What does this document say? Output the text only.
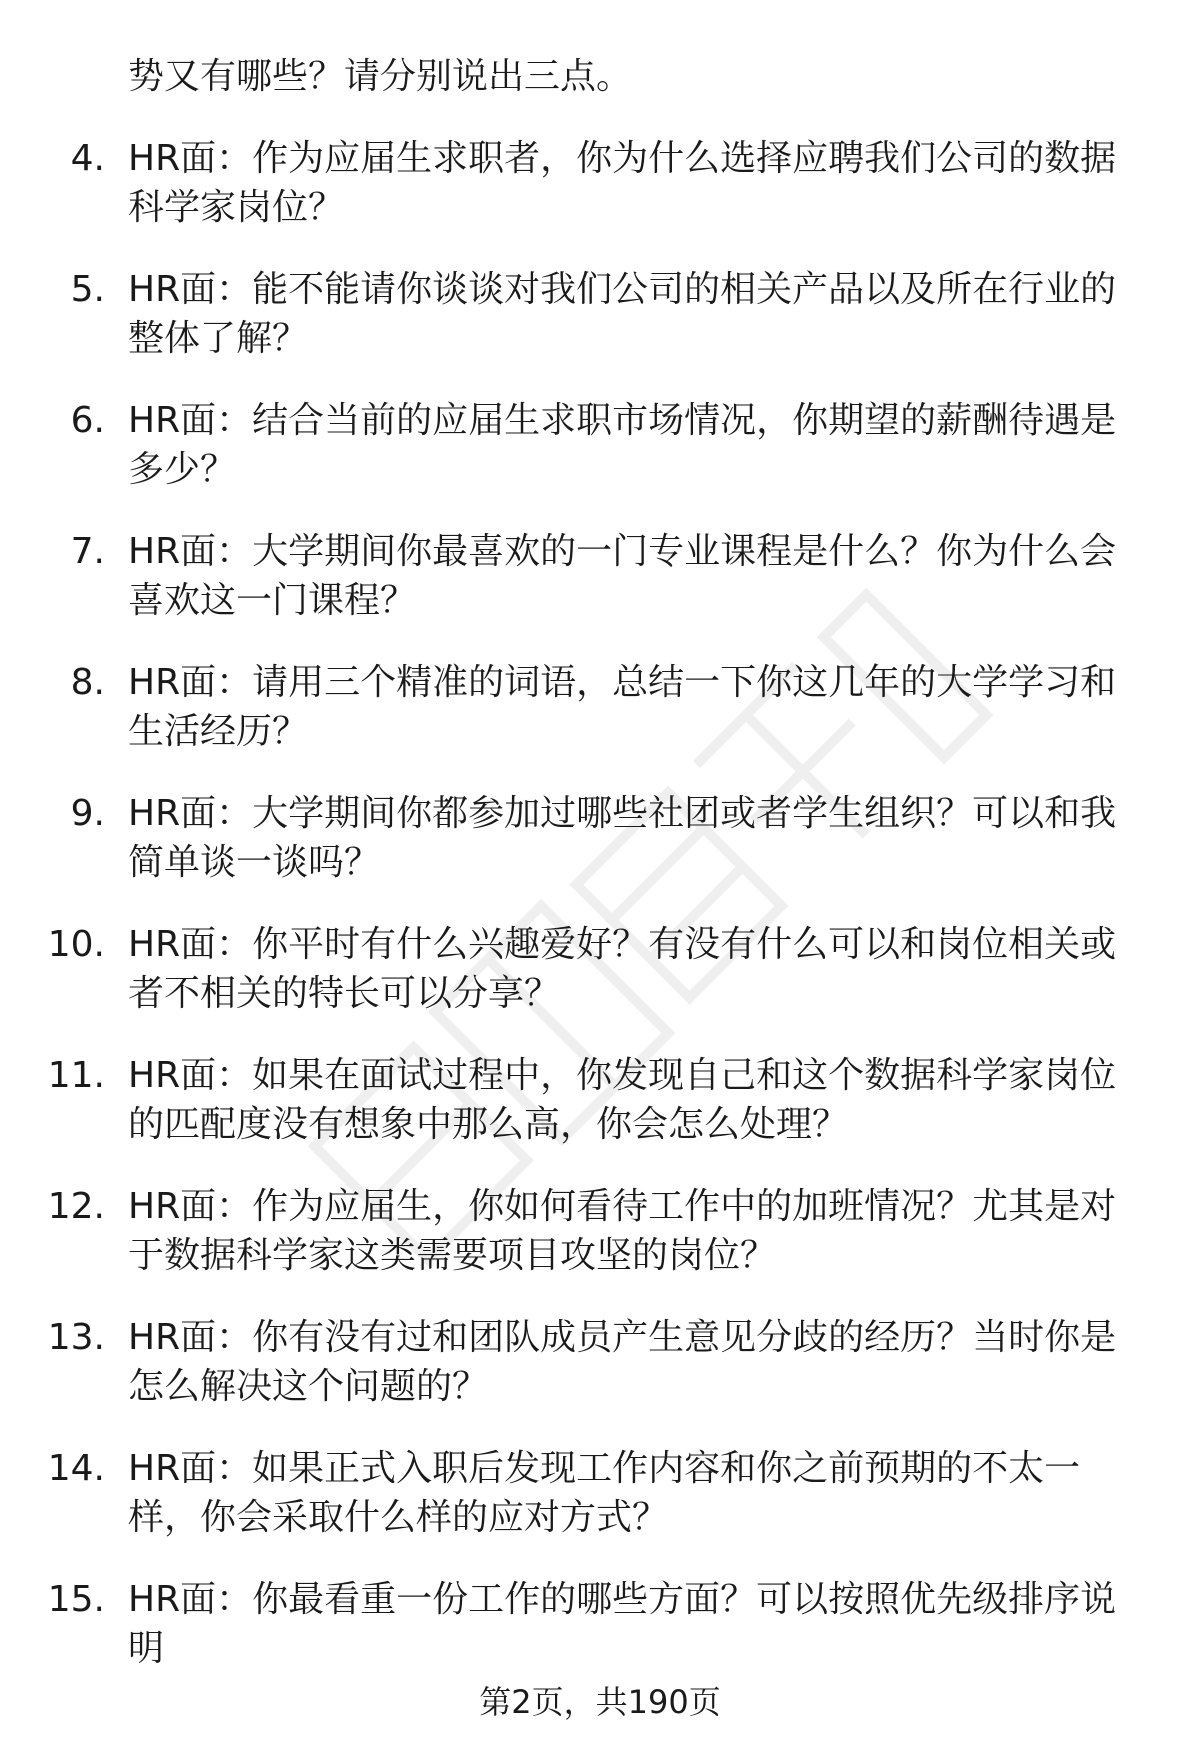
势又有哪些？请分别说出三点。
4. HR面：作为应届生求职者，你为什么选择应聘我们公司的数据科学家岗位？
5. HR面：能不能请你谈谈对我们公司的相关产品以及所在行业的整体了解？
6. HR面：结合当前的应届生求职市场情况，你期望的薪酬待遇是多少？
7. HR面：大学期间你最喜欢的一门专业课程是什么？你为什么会喜欢这一门课程？
8. HR面：请用三个精准的词语，总结一下你这几年的大学学习和生活经历？
9. HR面：大学期间你都参加过哪些社团或者学生组织？可以和我简单谈一谈吗？
10. HR面：你平时有什么兴趣爱好？有没有什么可以和岗位相关或者不相关的特长可以分享？
11. HR面：如果在面试过程中，你发现自己和这个数据科学家岗位的匹配度没有想象中那么高，你会怎么处理？
12. HR面：作为应届生，你如何看待工作中的加班情况？尤其是对于数据科学家这类需要项目攻坚的岗位？
13. HR面：你有没有过和团队成员产生意见分歧的经历？当时你是怎么解决这个问题的？
14. HR面：如果正式入职后发现工作内容和你之前预期的不太一样，你会采取什么样的应对方式？
15. HR面：你最看重一份工作的哪些方面？可以按照优先级排序说明
第2页，共190页
